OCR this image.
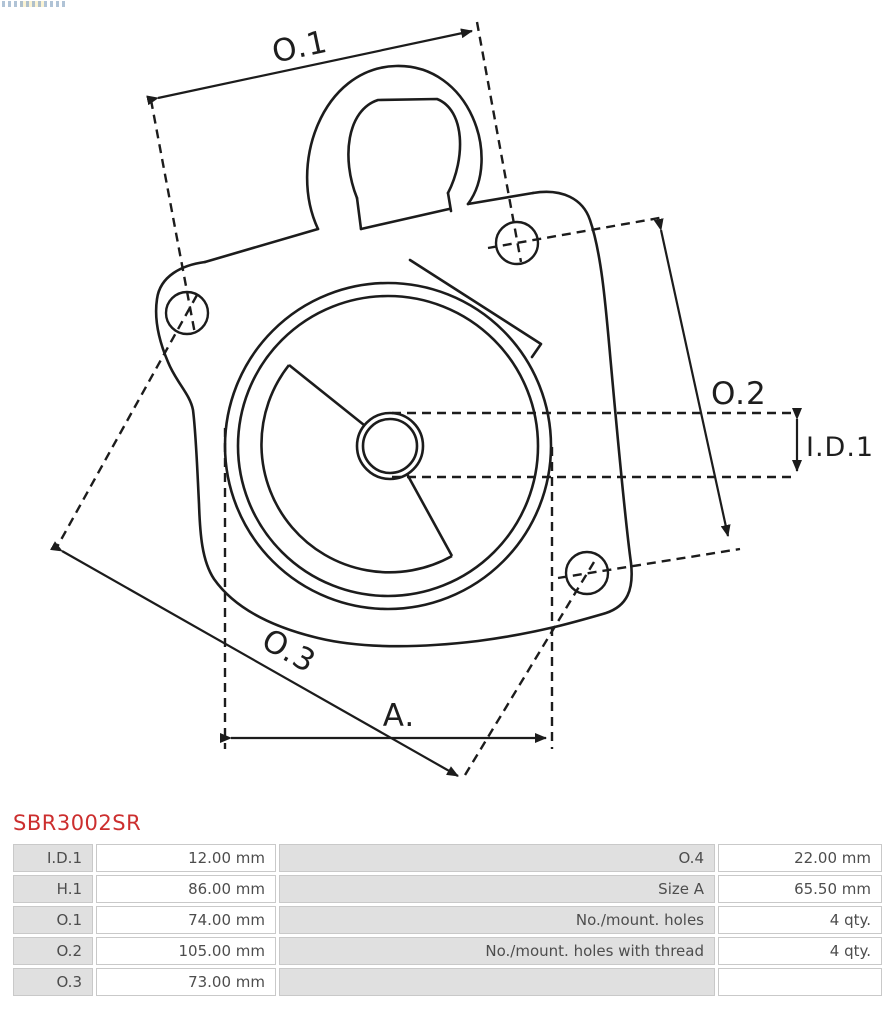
O.1
O.2
O.3
A.
I.D.1
SBR3002SR
I.D.1	12.00 mm	O.4	22.00 mm
H.1	86.00 mm	Size A	65.50 mm
O.1	74.00 mm	No./mount. holes	4 qty.
O.2	105.00 mm	No./mount. holes with thread	4 qty.
O.3	73.00 mm		
